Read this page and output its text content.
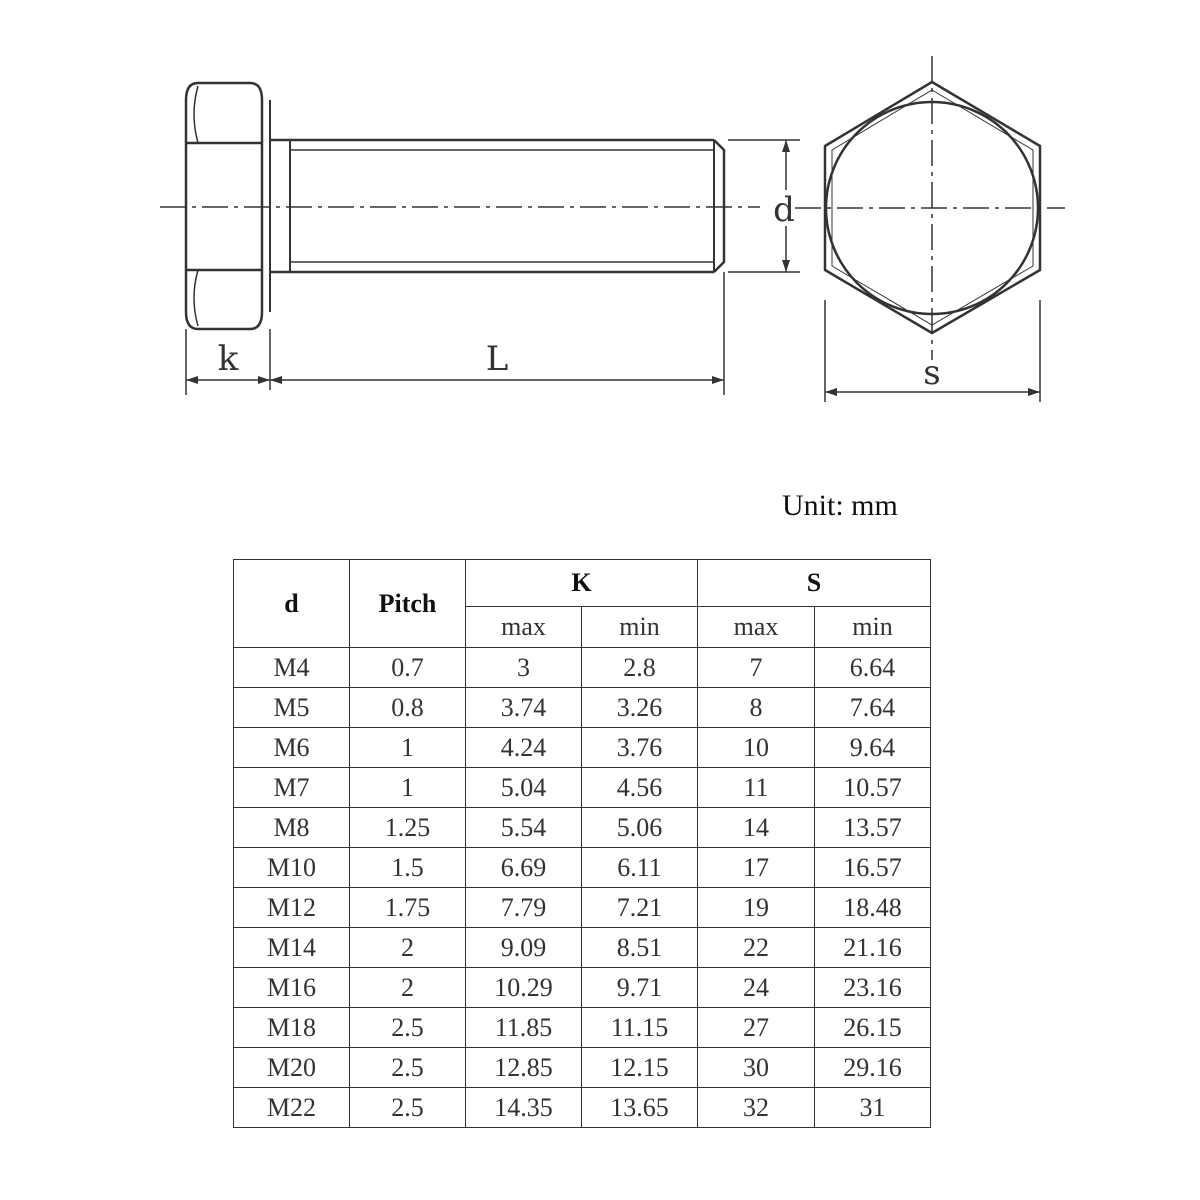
k	L
d
s
Unit: mm
d	Pitch	K		S	
		max	min	max	min
M4	0.7	3	2.8	7	6.64
M5	0.8	3.74	3.26	8	7.64
M6	1	4.24	3.76	10	9.64
M7	1	5.04	4.56	11	10.57
M8	1.25	5.54	5.06	14	13.57
M10	1.5	6.69	6.11	17	16.57
M12	1.75	7.79	7.21	19	18.48
M14	2	9.09	8.51	22	21.16
M16	2	10.29	9.71	24	23.16
M18	2.5	11.85	11.15	27	26.15
M20	2.5	12.85	12.15	30	29.16
M22	2.5	14.35	13.65	32	31
